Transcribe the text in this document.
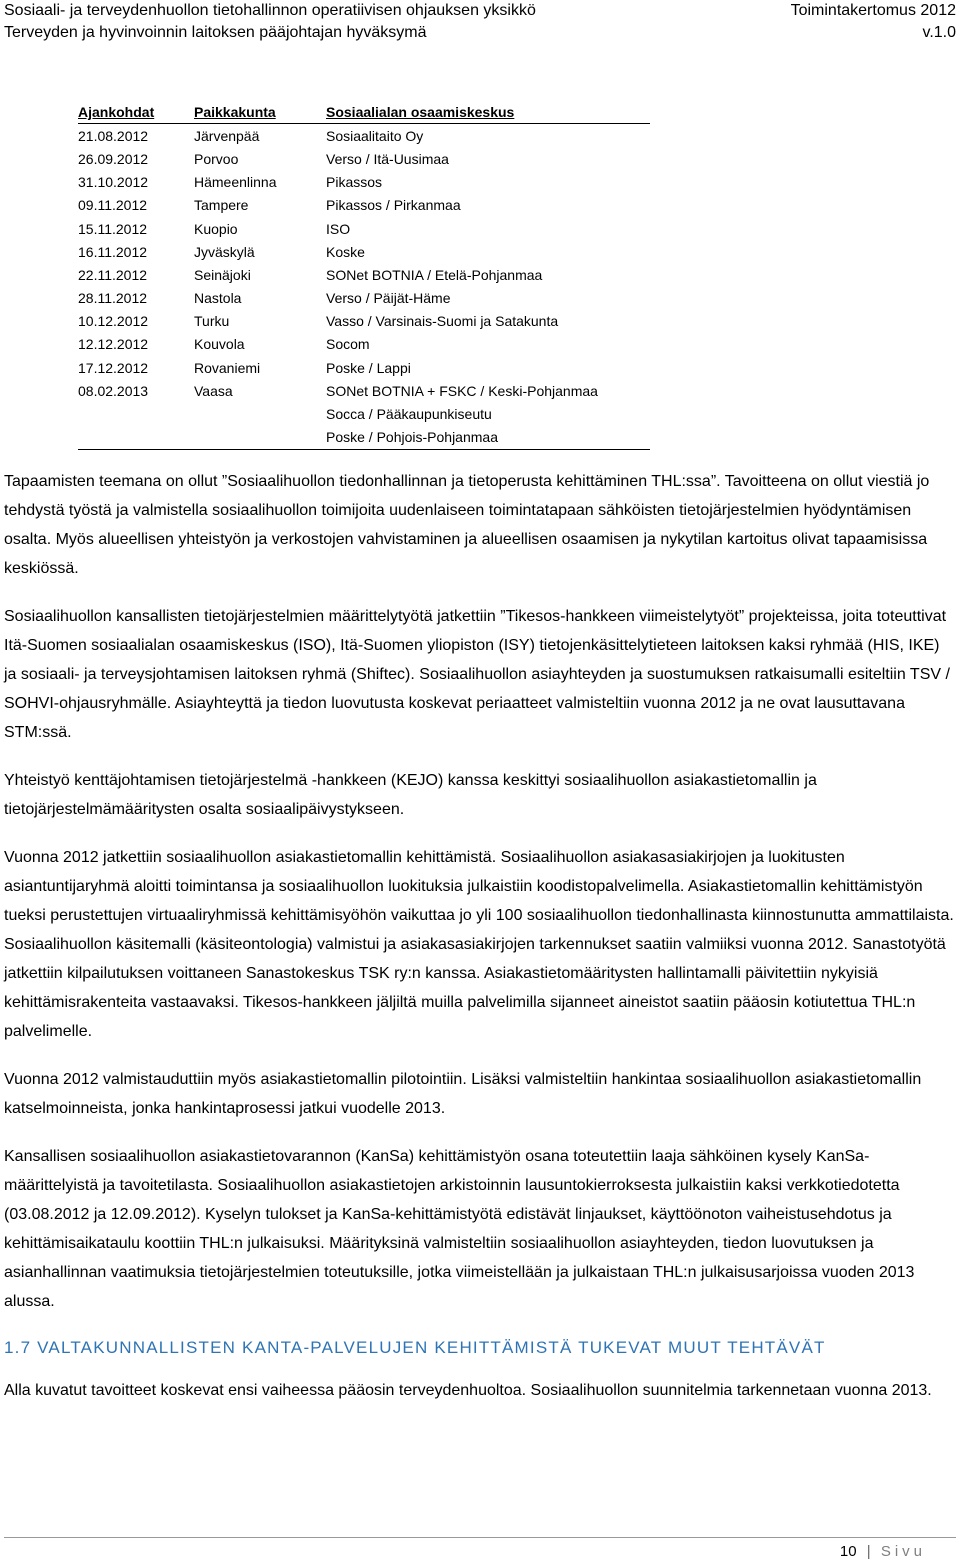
Sosiaali- ja terveydenhuollon tietohallinnon operatiivisen ohjauksen yksikkö	Toimintakertomus 2012
Terveyden ja hyvinvoinnin laitoksen pääjohtajan hyväksymä	v.1.0
Ajankohdat	Paikkakunta	Sosiaalialan osaamiskeskus
21.08.2012	Järvenpää	Sosiaalitaito Oy
26.09.2012	Porvoo	Verso / Itä-Uusimaa
31.10.2012	Hämeenlinna	Pikassos
09.11.2012	Tampere	Pikassos / Pirkanmaa
15.11.2012	Kuopio	ISO
16.11.2012	Jyväskylä	Koske
22.11.2012	Seinäjoki	SONet BOTNIA / Etelä-Pohjanmaa
28.11.2012	Nastola	Verso / Päijät-Häme
10.12.2012	Turku	Vasso / Varsinais-Suomi ja Satakunta
12.12.2012	Kouvola	Socom
17.12.2012	Rovaniemi	Poske / Lappi
08.02.2013	Vaasa	SONet BOTNIA + FSKC / Keski-Pohjanmaa
		Socca / Pääkaupunkiseutu
		Poske / Pohjois-Pohjanmaa

Tapaamisten teemana on ollut ”Sosiaalihuollon tiedonhallinnan ja tietoperusta kehittäminen THL:ssa”. Tavoitteena on ollut viestiä jo tehdystä työstä ja valmistella sosiaalihuollon toimijoita uudenlaiseen toimintatapaan sähköisten tietojärjestelmien hyödyntämisen osalta. Myös alueellisen yhteistyön ja verkostojen vahvistaminen ja alueellisen osaamisen ja nykytilan kartoitus olivat tapaamisissa keskiössä.

Sosiaalihuollon kansallisten tietojärjestelmien määrittelytyötä jatkettiin ”Tikesos-hankkeen viimeistelytyöt” projekteissa, joita toteuttivat Itä-Suomen sosiaalialan osaamiskeskus (ISO), Itä-Suomen yliopiston (ISY) tietojenkäsittelytieteen laitoksen kaksi ryhmää (HIS, IKE) ja sosiaali- ja terveysjohtamisen laitoksen ryhmä (Shiftec). Sosiaalihuollon asiayhteyden ja suostumuksen ratkaisumalli esiteltiin TSV / SOHVI-ohjausryhmälle. Asiayhteyttä ja tiedon luovutusta koskevat periaatteet valmisteltiin vuonna 2012 ja ne ovat lausuttavana STM:ssä.

Yhteistyö kenttäjohtamisen tietojärjestelmä -hankkeen (KEJO) kanssa keskittyi sosiaalihuollon asiakastietomallin ja tietojärjestelmämääritysten osalta sosiaalipäivystykseen.

Vuonna 2012 jatkettiin sosiaalihuollon asiakastietomallin kehittämistä. Sosiaalihuollon asiakasasiakirjojen ja luokitusten asiantuntijaryhmä aloitti toimintansa ja sosiaalihuollon luokituksia julkaistiin koodistopalvelimella. Asiakastietomallin kehittämistyön tueksi perustettujen virtuaaliryhmissä kehittämisyöhön vaikuttaa jo yli 100 sosiaalihuollon tiedonhallinasta kiinnostunutta ammattilaista. Sosiaalihuollon käsitemalli (käsiteontologia) valmistui ja asiakasasiakirjojen tarkennukset saatiin valmiiksi vuonna 2012. Sanastotyötä jatkettiin kilpailutuksen voittaneen Sanastokeskus TSK ry:n kanssa. Asiakastietomääritysten hallintamalli päivitettiin nykyisiä kehittämisrakenteita vastaavaksi. Tikesos-hankkeen jäljiltä muilla palvelimilla sijanneet aineistot saatiin pääosin kotiutettua THL:n palvelimelle.

Vuonna 2012 valmistauduttiin myös asiakastietomallin pilotointiin. Lisäksi valmisteltiin hankintaa sosiaalihuollon asiakastietomallin katselmoinneista, jonka hankintaprosessi jatkui vuodelle 2013.

Kansallisen sosiaalihuollon asiakastietovarannon (KanSa) kehittämistyön osana toteutettiin laaja sähköinen kysely KanSa-määrittelyistä ja tavoitetilasta. Sosiaalihuollon asiakastietojen arkistoinnin lausuntokierroksesta julkaistiin kaksi verkkotiedotetta (03.08.2012 ja 12.09.2012). Kyselyn tulokset ja KanSa-kehittämistyötä edistävät linjaukset, käyttöönoton vaiheistusehdotus ja kehittämisaikataulu koottiin THL:n julkaisuksi. Määrityksinä valmisteltiin sosiaalihuollon asiayhteyden, tiedon luovutuksen ja asianhallinnan vaatimuksia tietojärjestelmien toteutuksille, jotka viimeistellään ja julkaistaan THL:n julkaisusarjoissa vuoden 2013 alussa.

1.7 VALTAKUNNALLISTEN KANTA-PALVELUJEN KEHITTÄMISTÄ TUKEVAT MUUT TEHTÄVÄT

Alla kuvatut tavoitteet koskevat ensi vaiheessa pääosin terveydenhuoltoa. Sosiaalihuollon suunnitelmia tarkennetaan vuonna 2013.

10 | Sivu
